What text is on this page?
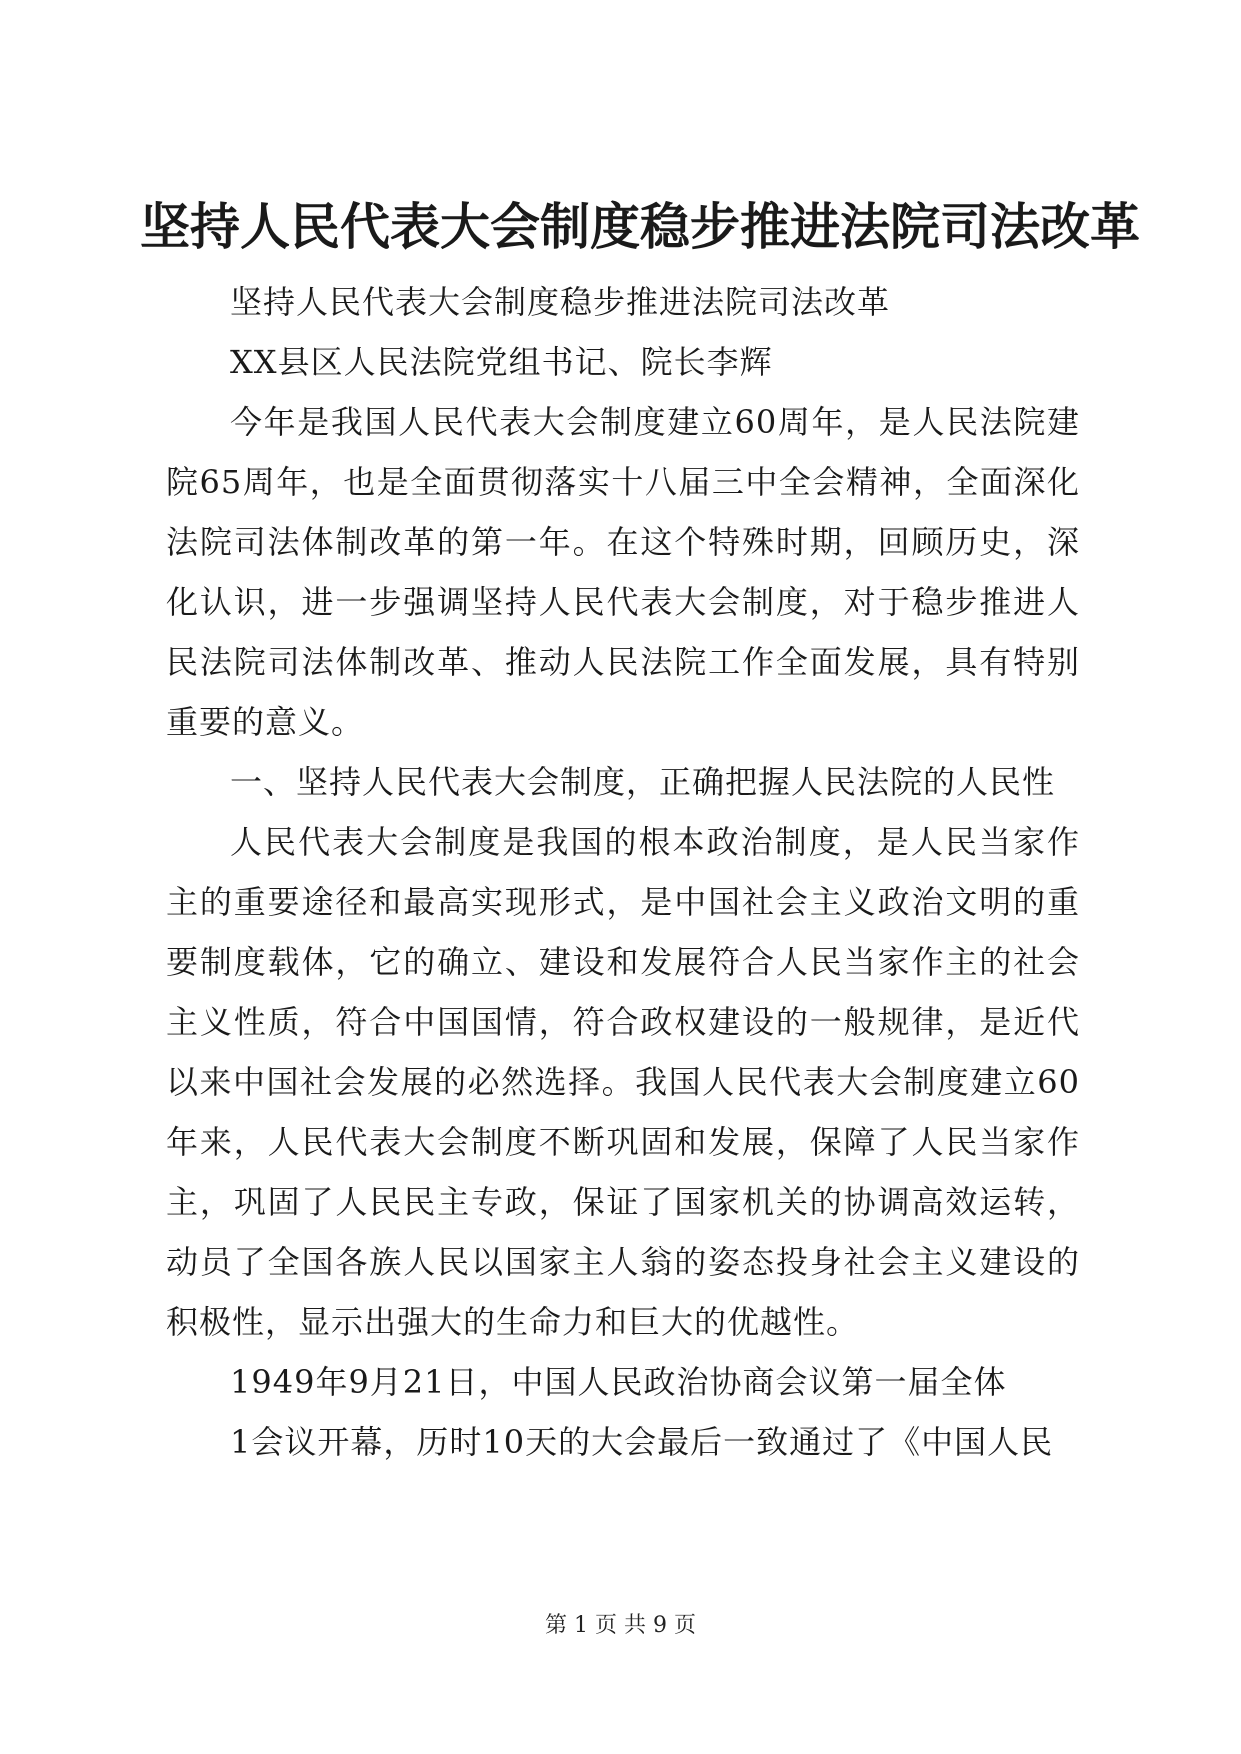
坚持人民代表大会制度稳步推进法院司法改革

坚持人民代表大会制度稳步推进法院司法改革

XX县区人民法院党组书记、院长李辉

今年是我国人民代表大会制度建立60周年，是人民法院建院65周年，也是全面贯彻落实十八届三中全会精神，全面深化法院司法体制改革的第一年。在这个特殊时期，回顾历史，深化认识，进一步强调坚持人民代表大会制度，对于稳步推进人民法院司法体制改革、推动人民法院工作全面发展，具有特别重要的意义。

一、坚持人民代表大会制度，正确把握人民法院的人民性

人民代表大会制度是我国的根本政治制度，是人民当家作主的重要途径和最高实现形式，是中国社会主义政治文明的重要制度载体，它的确立、建设和发展符合人民当家作主的社会主义性质，符合中国国情，符合政权建设的一般规律，是近代以来中国社会发展的必然选择。我国人民代表大会制度建立60年来，人民代表大会制度不断巩固和发展，保障了人民当家作主，巩固了人民民主专政，保证了国家机关的协调高效运转，动员了全国各族人民以国家主人翁的姿态投身社会主义建设的积极性，显示出强大的生命力和巨大的优越性。

1949年9月21日，中国人民政治协商会议第一届全体

1会议开幕，历时10天的大会最后一致通过了《中国人民

第 1 页 共 9 页
